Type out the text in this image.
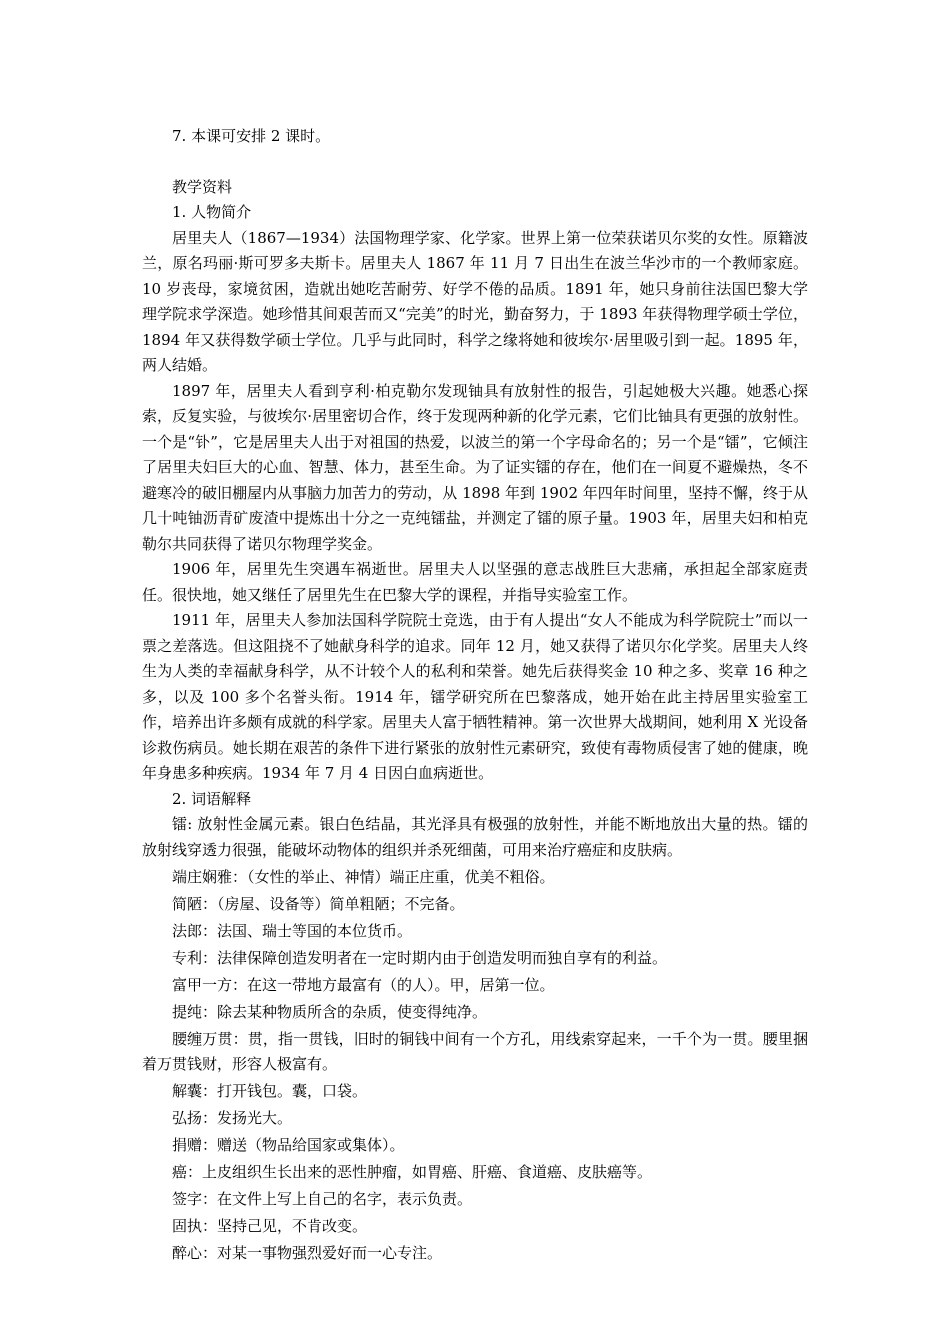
7. 本课可安排 2 课时。

教学资料

1. 人物简介

居里夫人（1867—1934）法国物理学家、化学家。世界上第一位荣获诺贝尔奖的女性。原籍波兰，原名玛丽·斯可罗多夫斯卡。居里夫人 1867 年 11 月 7 日出生在波兰华沙市的一个教师家庭。10 岁丧母，家境贫困，造就出她吃苦耐劳、好学不倦的品质。1891 年，她只身前往法国巴黎大学理学院求学深造。她珍惜其间艰苦而又“完美”的时光，勤奋努力，于 1893 年获得物理学硕士学位，1894 年又获得数学硕士学位。几乎与此同时，科学之缘将她和彼埃尔·居里吸引到一起。1895 年，两人结婚。

1897 年，居里夫人看到亨利·柏克勒尔发现铀具有放射性的报告，引起她极大兴趣。她悉心探索，反复实验，与彼埃尔·居里密切合作，终于发现两种新的化学元素，它们比铀具有更强的放射性。一个是“钋”，它是居里夫人出于对祖国的热爱，以波兰的第一个字母命名的；另一个是“镭”，它倾注了居里夫妇巨大的心血、智慧、体力，甚至生命。为了证实镭的存在，他们在一间夏不避燥热，冬不避寒冷的破旧棚屋内从事脑力加苦力的劳动，从 1898 年到 1902 年四年时间里，坚持不懈，终于从几十吨铀沥青矿废渣中提炼出十分之一克纯镭盐，并测定了镭的原子量。1903 年，居里夫妇和柏克勒尔共同获得了诺贝尔物理学奖金。

1906 年，居里先生突遇车祸逝世。居里夫人以坚强的意志战胜巨大悲痛，承担起全部家庭责任。很快地，她又继任了居里先生在巴黎大学的课程，并指导实验室工作。

1911 年，居里夫人参加法国科学院院士竞选，由于有人提出“女人不能成为科学院院士”而以一票之差落选。但这阻挠不了她献身科学的追求。同年 12 月，她又获得了诺贝尔化学奖。居里夫人终生为人类的幸福献身科学，从不计较个人的私利和荣誉。她先后获得奖金 10 种之多、奖章 16 种之多，以及 100 多个名誉头衔。1914 年，镭学研究所在巴黎落成，她开始在此主持居里实验室工作，培养出许多颇有成就的科学家。居里夫人富于牺牲精神。第一次世界大战期间，她利用 X 光设备诊救伤病员。她长期在艰苦的条件下进行紧张的放射性元素研究，致使有毒物质侵害了她的健康，晚年身患多种疾病。1934 年 7 月 4 日因白血病逝世。

2. 词语解释

镭: 放射性金属元素。银白色结晶，其光泽具有极强的放射性，并能不断地放出大量的热。镭的放射线穿透力很强，能破坏动物体的组织并杀死细菌，可用来治疗癌症和皮肤病。

端庄娴雅：（女性的举止、神情）端正庄重，优美不粗俗。

简陋：（房屋、设备等）简单粗陋；不完备。

法郎：法国、瑞士等国的本位货币。

专利：法律保障创造发明者在一定时期内由于创造发明而独自享有的利益。

富甲一方：在这一带地方最富有（的人）。甲，居第一位。

提纯：除去某种物质所含的杂质，使变得纯净。

腰缠万贯：贯，指一贯钱，旧时的铜钱中间有一个方孔，用线索穿起来，一千个为一贯。腰里捆着万贯钱财，形容人极富有。

解囊：打开钱包。囊，口袋。

弘扬：发扬光大。

捐赠：赠送（物品给国家或集体）。

癌：上皮组织生长出来的恶性肿瘤，如胃癌、肝癌、食道癌、皮肤癌等。

签字：在文件上写上自己的名字，表示负责。

固执：坚持己见，不肯改变。

醉心：对某一事物强烈爱好而一心专注。
